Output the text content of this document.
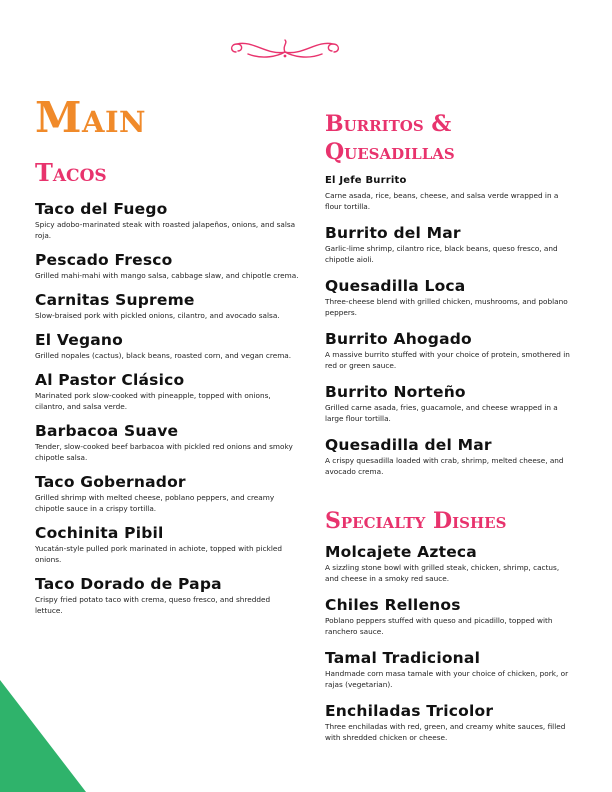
Main
Tacos
Taco del Fuego
Spicy adobo-marinated steak with roasted jalapeños, onions, and salsa roja.
Pescado Fresco
Grilled mahi-mahi with mango salsa, cabbage slaw, and chipotle crema.
Carnitas Supreme
Slow-braised pork with pickled onions, cilantro, and avocado salsa.
El Vegano
Grilled nopales (cactus), black beans, roasted corn, and vegan crema.
Al Pastor Clásico
Marinated pork slow-cooked with pineapple, topped with onions, cilantro, and salsa verde.
Barbacoa Suave
Tender, slow-cooked beef barbacoa with pickled red onions and smoky chipotle salsa.
Taco Gobernador
Grilled shrimp with melted cheese, poblano peppers, and creamy chipotle sauce in a crispy tortilla.
Cochinita Pibil
Yucatán-style pulled pork marinated in achiote, topped with pickled onions.
Taco Dorado de Papa
Crispy fried potato taco with crema, queso fresco, and shredded lettuce.
Burritos & Quesadillas
El Jefe Burrito
Carne asada, rice, beans, cheese, and salsa verde wrapped in a flour tortilla.
Burrito del Mar
Garlic-lime shrimp, cilantro rice, black beans, queso fresco, and chipotle aioli.
Quesadilla Loca
Three-cheese blend with grilled chicken, mushrooms, and poblano peppers.
Burrito Ahogado
A massive burrito stuffed with your choice of protein, smothered in red or green sauce.
Burrito Norteño
Grilled carne asada, fries, guacamole, and cheese wrapped in a large flour tortilla.
Quesadilla del Mar
A crispy quesadilla loaded with crab, shrimp, melted cheese, and avocado crema.
Specialty Dishes
Molcajete Azteca
A sizzling stone bowl with grilled steak, chicken, shrimp, cactus, and cheese in a smoky red sauce.
Chiles Rellenos
Poblano peppers stuffed with queso and picadillo, topped with ranchero sauce.
Tamal Tradicional
Handmade corn masa tamale with your choice of chicken, pork, or rajas (vegetarian).
Enchiladas Tricolor
Three enchiladas with red, green, and creamy white sauces, filled with shredded chicken or cheese.
